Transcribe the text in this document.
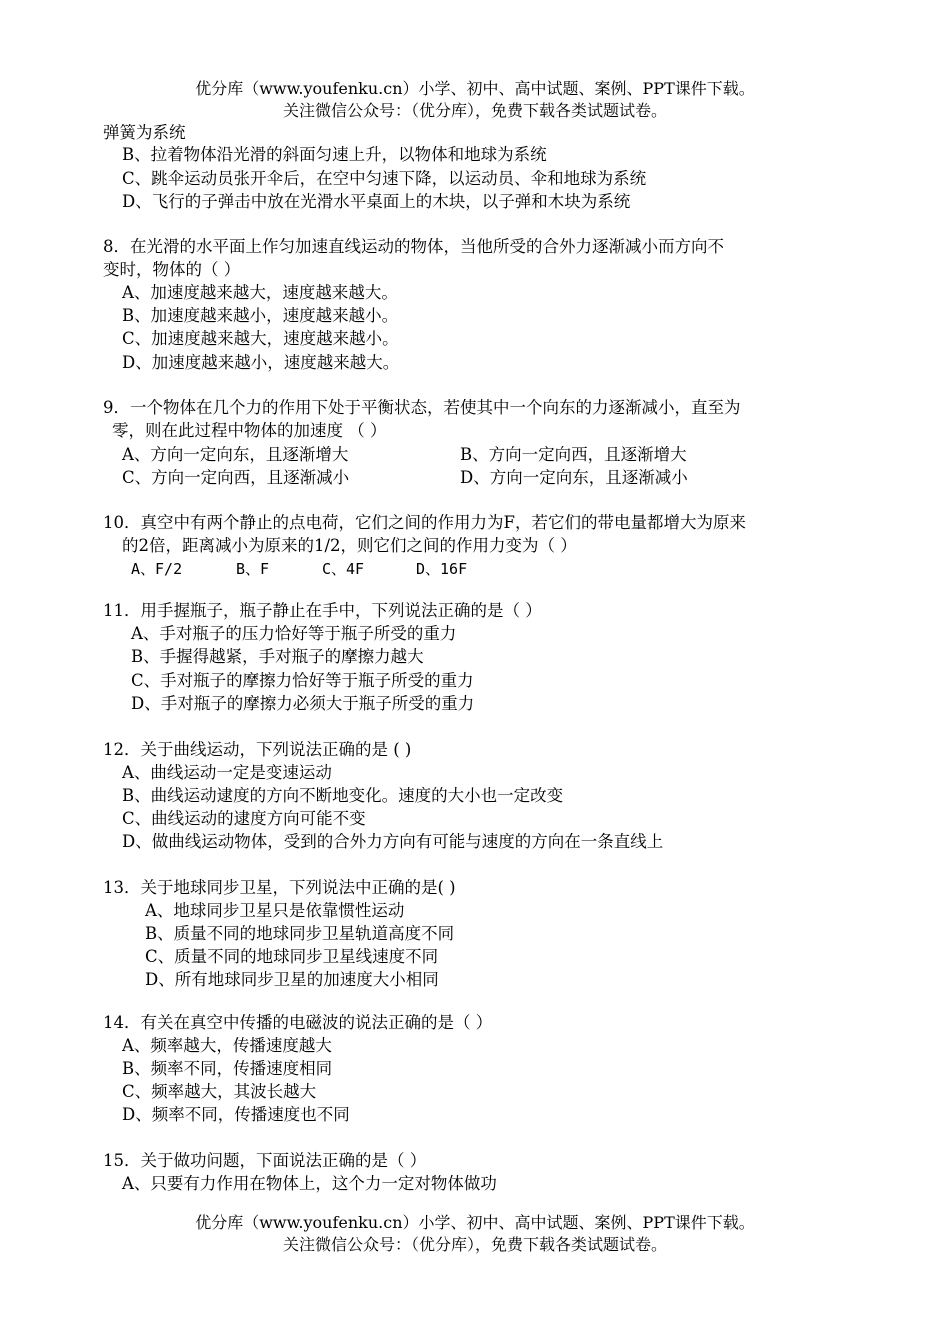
优分库（www.youfenku.cn）小学、初中、高中试题、案例、PPT课件下载。
关注微信公众号：（优分库），免费下载各类试题试卷。
弹簧为系统
B、拉着物体沿光滑的斜面匀速上升，以物体和地球为系统
C、跳伞运动员张开伞后，在空中匀速下降，以运动员、伞和地球为系统
D、飞行的子弹击中放在光滑水平桌面上的木块，以子弹和木块为系统
8．在光滑的水平面上作匀加速直线运动的物体，当他所受的合外力逐渐减小而方向不
变时，物体的（ ）
A、加速度越来越大，速度越来越大。
B、加速度越来越小，速度越来越小。
C、加速度越来越大，速度越来越小。
D、加速度越来越小，速度越来越大。
9．一个物体在几个力的作用下处于平衡状态，若使其中一个向东的力逐渐减小，直至为
零，则在此过程中物体的加速度 （ ）
A、方向一定向东，且逐渐增大	B、方向一定向西，且逐渐增大
C、方向一定向西，且逐渐减小	D、方向一定向东，且逐渐减小
10．真空中有两个静止的点电荷，它们之间的作用力为F，若它们的带电量都增大为原来
的2倍，距离减小为原来的1/2，则它们之间的作用力变为（ ）
A、F/2	B、F	C、4F	D、16F
11．用手握瓶子，瓶子静止在手中，下列说法正确的是（ ）
A、手对瓶子的压力恰好等于瓶子所受的重力
B、手握得越紧，手对瓶子的摩擦力越大
C、手对瓶子的摩擦力恰好等于瓶子所受的重力
D、手对瓶子的摩擦力必须大于瓶子所受的重力
12．关于曲线运动，下列说法正确的是 ( )
A、曲线运动一定是变速运动
B、曲线运动逮度的方向不断地变化。速度的大小也一定改变
C、曲线运动的逮度方向可能不变
D、做曲线运动物体，受到的合外力方向有可能与速度的方向在一条直线上
13．关于地球同步卫星，下列说法中正确的是( )
A、地球同步卫星只是依靠惯性运动
B、质量不同的地球同步卫星轨道高度不同
C、质量不同的地球同步卫星线速度不同
D、所有地球同步卫星的加速度大小相同
14．有关在真空中传播的电磁波的说法正确的是（ ）
A、频率越大，传播速度越大
B、频率不同，传播速度相同
C、频率越大，其波长越大
D、频率不同，传播速度也不同
15．关于做功问题，下面说法正确的是（ ）
A、只要有力作用在物体上，这个力一定对物体做功
优分库（www.youfenku.cn）小学、初中、高中试题、案例、PPT课件下载。
关注微信公众号：（优分库），免费下载各类试题试卷。
